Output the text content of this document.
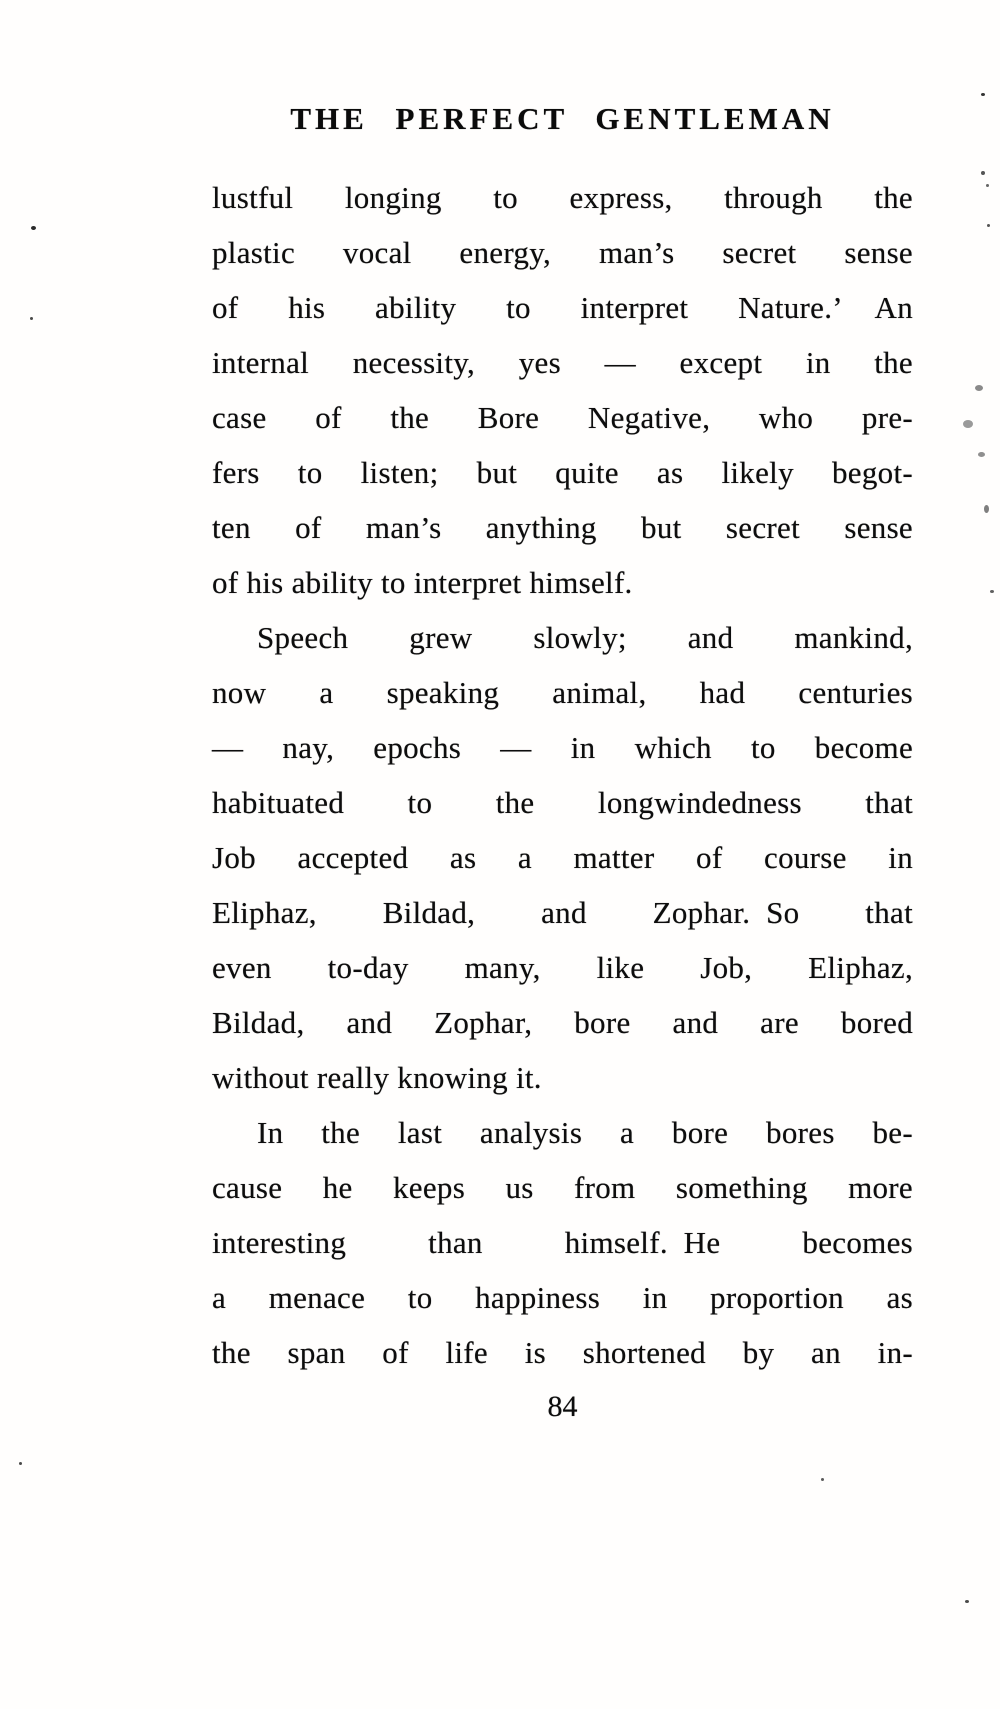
THE PERFECT GENTLEMAN
lustful longing to express, through the
plastic vocal energy, man’s secret sense
of his ability to interpret Nature.’  An
internal necessity, yes — except in the
case of the Bore Negative, who pre-
fers to listen; but quite as likely begot-
ten of man’s anything but secret sense
of his ability to interpret himself.
Speech grew slowly; and mankind,
now a speaking animal, had centuries
— nay, epochs — in which to become
habituated to the longwindedness that
Job accepted as a matter of course in
Eliphaz, Bildad, and Zophar. So that
even to-day many, like Job, Eliphaz,
Bildad, and Zophar, bore and are bored
without really knowing it.
In the last analysis a bore bores be-
cause he keeps us from something more
interesting than himself. He becomes
a menace to happiness in proportion as
the span of life is shortened by an in-
84
